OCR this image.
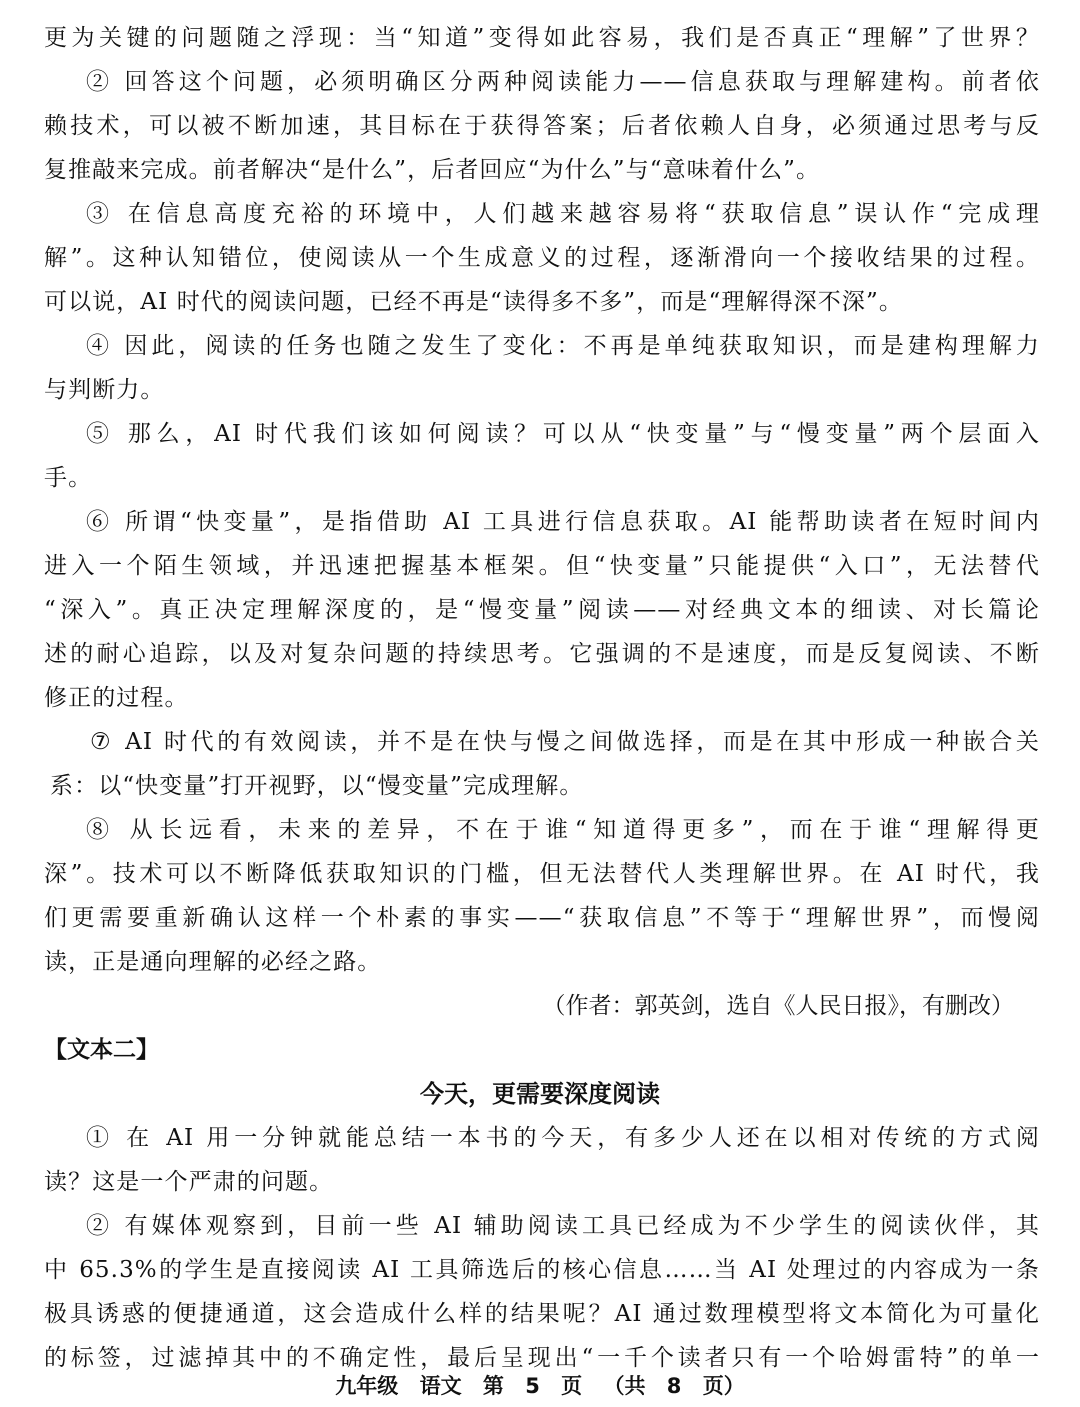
更为关键的问题随之浮现：当“知道”变得如此容易，我们是否真正“理解”了世界？
② 回答这个问题，必须明确区分两种阅读能力——信息获取与理解建构。前者依
赖技术，可以被不断加速，其目标在于获得答案；后者依赖人自身，必须通过思考与反
复推敲来完成。前者解决“是什么”，后者回应“为什么”与“意味着什么”。
③ 在信息高度充裕的环境中，人们越来越容易将“获取信息”误认作“完成理
解”。这种认知错位，使阅读从一个生成意义的过程，逐渐滑向一个接收结果的过程。
可以说，AI 时代的阅读问题，已经不再是“读得多不多”，而是“理解得深不深”。
④ 因此，阅读的任务也随之发生了变化：不再是单纯获取知识，而是建构理解力
与判断力。
⑤ 那么，AI 时代我们该如何阅读？可以从“快变量”与“慢变量”两个层面入
手。
⑥ 所谓“快变量”，是指借助 AI 工具进行信息获取。AI 能帮助读者在短时间内
进入一个陌生领域，并迅速把握基本框架。但“快变量”只能提供“入口”，无法替代
“深入”。真正决定理解深度的，是“慢变量”阅读——对经典文本的细读、对长篇论
述的耐心追踪，以及对复杂问题的持续思考。它强调的不是速度，而是反复阅读、不断
修正的过程。
⑦ AI 时代的有效阅读，并不是在快与慢之间做选择，而是在其中形成一种嵌合关
系：以“快变量”打开视野，以“慢变量”完成理解。
⑧ 从长远看，未来的差异，不在于谁“知道得更多”，而在于谁“理解得更
深”。技术可以不断降低获取知识的门槛，但无法替代人类理解世界。在 AI 时代，我
们更需要重新确认这样一个朴素的事实——“获取信息”不等于“理解世界”，而慢阅
读，正是通向理解的必经之路。
（作者：郭英剑，选自《人民日报》，有删改）
【文本二】
今天，更需要深度阅读
① 在 AI 用一分钟就能总结一本书的今天，有多少人还在以相对传统的方式阅
读？这是一个严肃的问题。
② 有媒体观察到，目前一些 AI 辅助阅读工具已经成为不少学生的阅读伙伴，其
中 65.3%的学生是直接阅读 AI 工具筛选后的核心信息……当 AI 处理过的内容成为一条
极具诱惑的便捷通道，这会造成什么样的结果呢？AI 通过数理模型将文本简化为可量化
的标签，过滤掉其中的不确定性，最后呈现出“一千个读者只有一个哈姆雷特”的单一
九年级 语文 第 5 页 （共 8 页）
